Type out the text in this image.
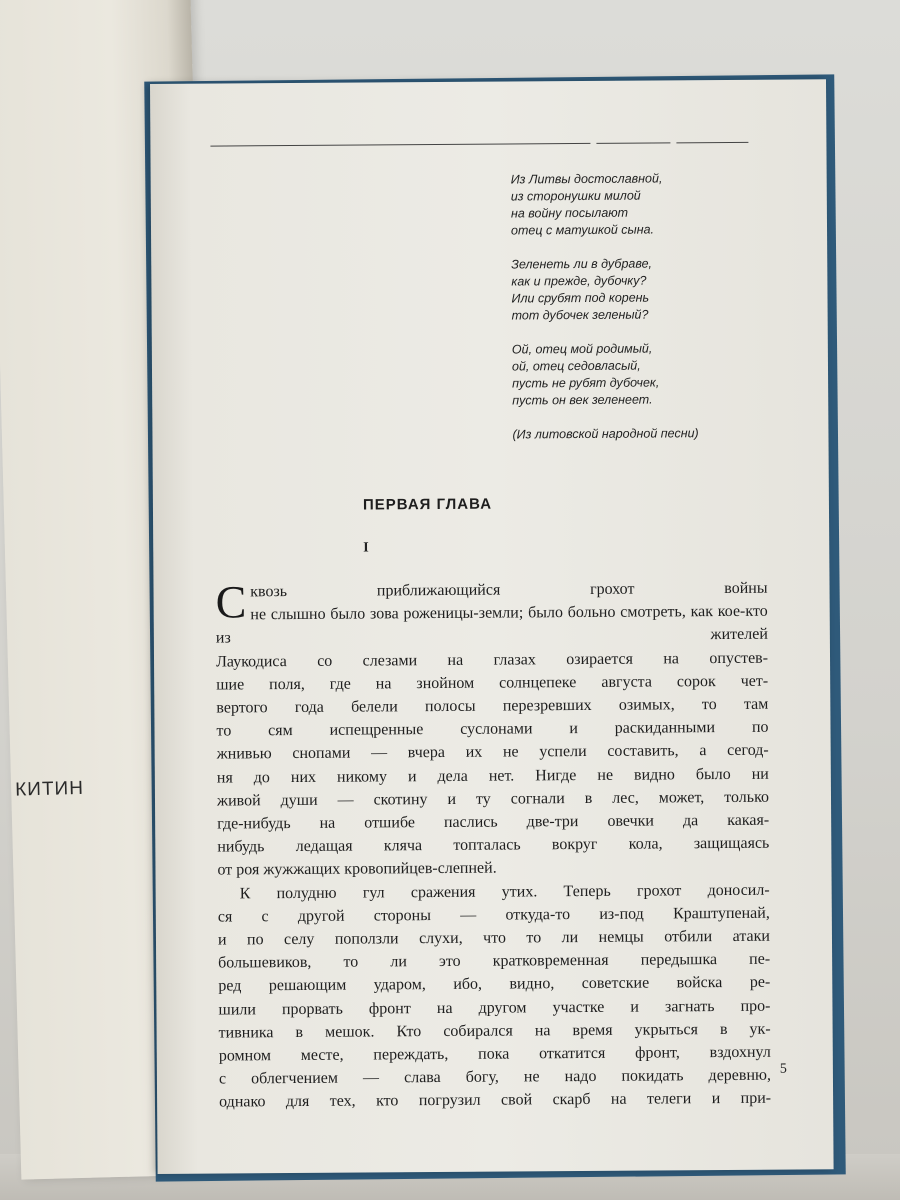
КИТИН
Из Литвы достославной,
из сторонушки милой
на войну посылают
отец с матушкой сына.
Зеленеть ли в дубраве,
как и прежде, дубочку?
Или срубят под корень
тот дубочек зеленый?
Ой, отец мой родимый,
ой, отец седовласый,
пусть не рубят дубочек,
пусть он век зеленеет.
(Из литовской народной песни)
ПЕРВАЯ ГЛАВА
I

С квозь приближающийся грохот войны
не слышно было зова роженицы-земли; было больно смотреть, как кое-кто из жителей
Лаукодиса со слезами на глазах озирается на опустев-
шие поля, где на знойном солнцепеке августа сорок чет-
вертого года белели полосы перезревших озимых, то там
то сям испещренные суслонами и раскиданными по
жнивью снопами — вчера их не успели составить, а сегод-
ня до них никому и дела нет. Нигде не видно было ни
живой души — скотину и ту согнали в лес, может, только
где-нибудь на отшибе паслись две-три овечки да какая-
нибудь ледащая кляча топталась вокруг кола, защищаясь
от роя жужжащих кровопийцев-слепней.

К полудню гул сражения утих. Теперь грохот доносил-
ся с другой стороны — откуда-то из-под Краштупенай,
и по селу поползли слухи, что то ли немцы отбили атаки
большевиков, то ли это кратковременная передышка пе-
ред решающим ударом, ибо, видно, советские войска ре-
шили прорвать фронт на другом участке и загнать про-
тивника в мешок. Кто собирался на время укрыться в ук-
ромном месте, переждать, пока откатится фронт, вздохнул
с облегчением — слава богу, не надо покидать деревню,
однако для тех, кто погрузил свой скарб на телеги и при-

5
